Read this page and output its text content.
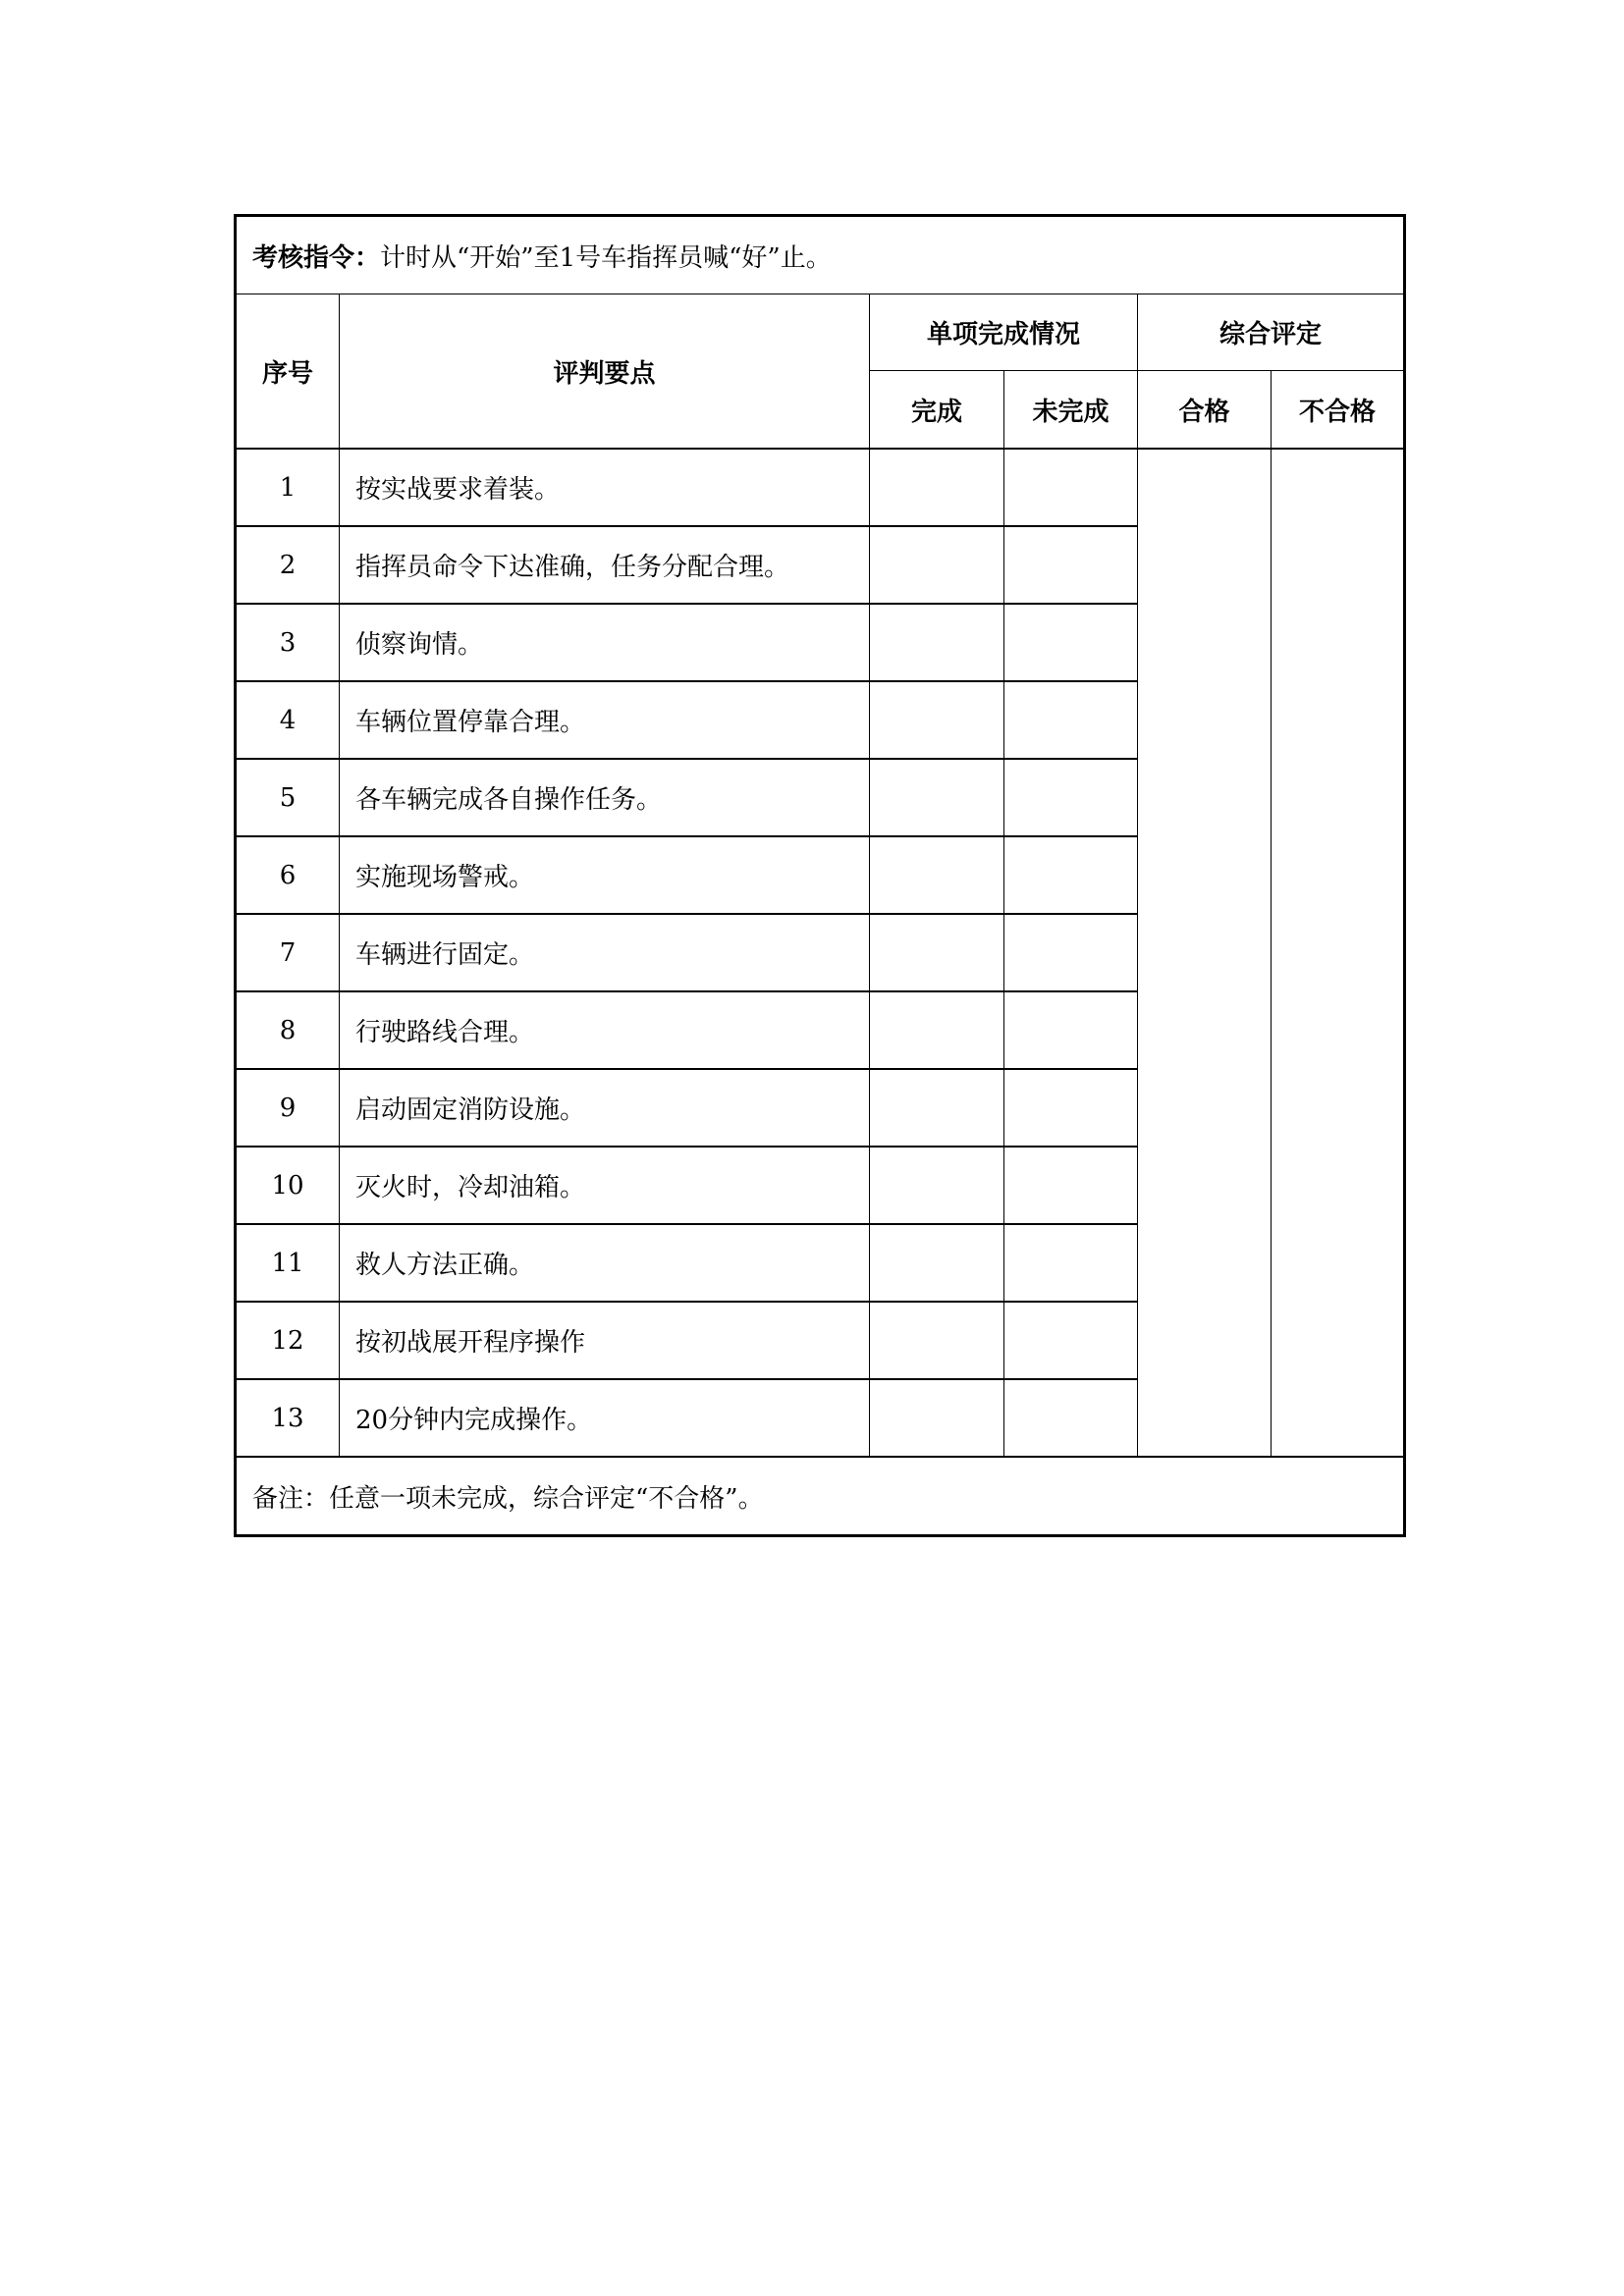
考核指令：计时从“开始”至1号车指挥员喊“好”止。					
序号	评判要点	单项完成情况		综合评定	
		完成	未完成	合格	不合格
1	按实战要求着装。				
2	指挥员命令下达准确，任务分配合理。				
3	侦察询情。				
4	车辆位置停靠合理。				
5	各车辆完成各自操作任务。				
6	实施现场警戒。				
7	车辆进行固定。				
8	行驶路线合理。				
9	启动固定消防设施。				
10	灭火时，冷却油箱。				
11	救人方法正确。				
12	按初战展开程序操作				
13	20分钟内完成操作。				
备注：任意一项未完成，综合评定“不合格”。					
